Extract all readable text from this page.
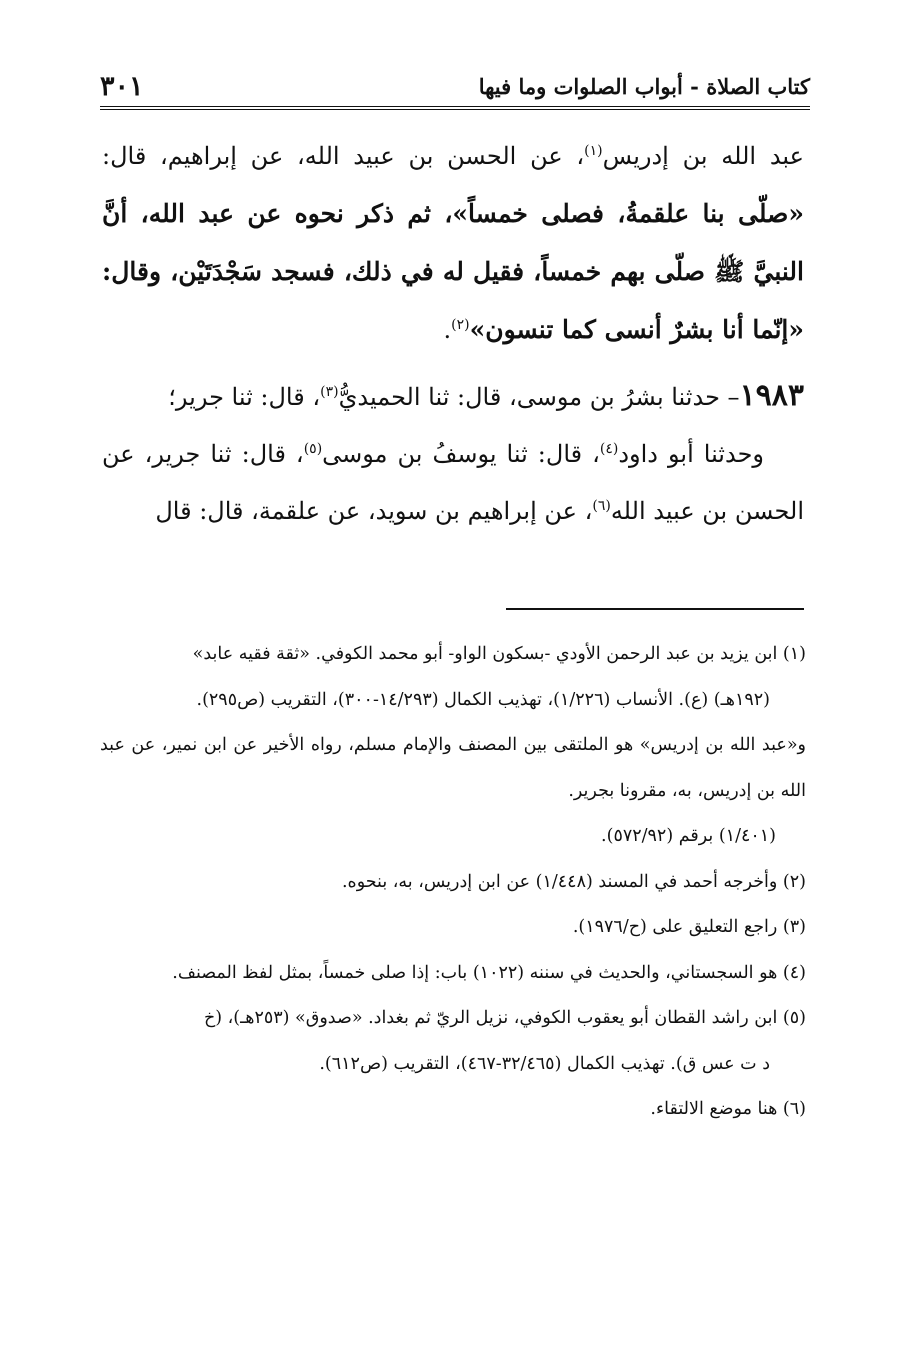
كتاب الصلاة - أبواب الصلوات وما فيها
٣٠١

عبد الله بن إدريس$^{(١)}$، عن الحسن بن عبيد الله، عن إبراهيم، قال: «صلّى بنا علقمةُ، فصلى خمساً»، ثم ذكر نحوه عن عبد الله، أنَّ النبيَّ ﷺ صلّى بهم خمساً، فقيل له في ذلك، فسجد سَجْدَتَيْن، وقال: «إنّما أنا بشرٌ أنسى كما تنسون»$^{(٢)}$.

١٩٨٣– حدثنا بشرُ بن موسى، قال: ثنا الحميديُّ$^{(٣)}$، قال: ثنا جرير؛

وحدثنا أبو داود$^{(٤)}$، قال: ثنا يوسفُ بن موسى$^{(٥)}$، قال: ثنا جرير، عن الحسن بن عبيد الله$^{(٦)}$، عن إبراهيم بن سويد، عن علقمة، قال: قال

(١) ابن يزيد بن عبد الرحمن الأودي -بسكون الواو- أبو محمد الكوفي. «ثقة فقيه عابد»

(١٩٢هـ) (ع). الأنساب (١/٢٢٦)، تهذيب الكمال (١٤/٢٩٣-٣٠٠)، التقريب (ص٢٩٥).

و«عبد الله بن إدريس» هو الملتقى بين المصنف والإمام مسلم، رواه الأخير عن ابن نمير، عن عبد الله بن إدريس، به، مقرونا بجرير.

(١/٤٠١) برقم (٥٧٢/٩٢).

(٢) وأخرجه أحمد في المسند (١/٤٤٨) عن ابن إدريس، به، بنحوه.

(٣) راجع التعليق على (ح/١٩٧٦).

(٤) هو السجستاني، والحديث في سننه (١٠٢٢) باب: إذا صلى خمساً، بمثل لفظ المصنف.

(٥) ابن راشد القطان أبو يعقوب الكوفي، نزيل الريّ ثم بغداد. «صدوق» (٢٥٣هـ)، (خ

د ت عس ق). تهذيب الكمال (٣٢/٤٦٥-٤٦٧)، التقريب (ص٦١٢).

(٦) هنا موضع الالتقاء.
